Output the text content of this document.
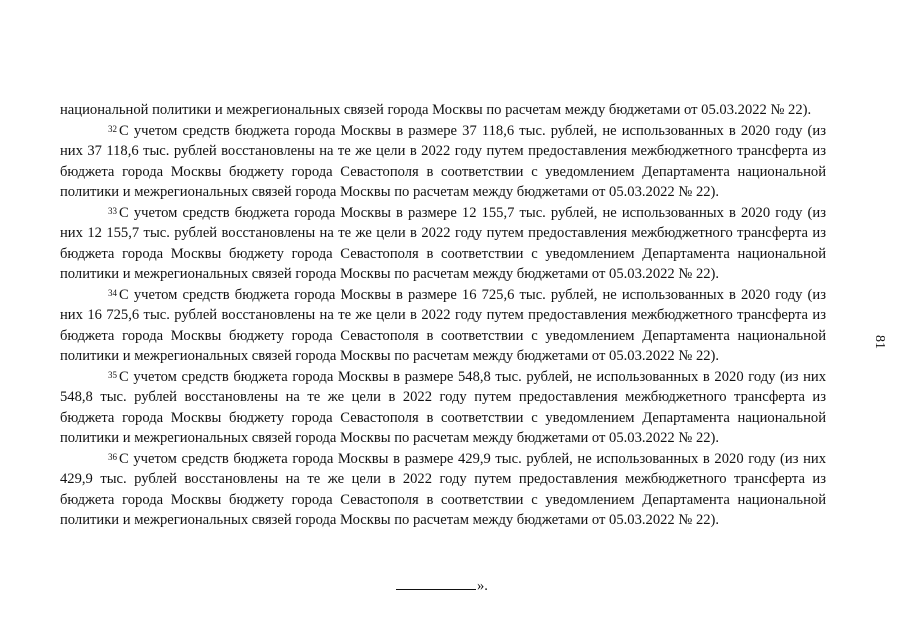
национальной политики и межрегиональных связей города Москвы по расчетам между бюджетами от 05.03.2022 № 22).

$^{32}$ С учетом средств бюджета города Москвы в размере 37 118,6 тыс. рублей, не использованных в 2020 году (из них 37 118,6 тыс. рублей восстановлены на те же цели в 2022 году путем предоставления межбюджетного трансферта из бюджета города Москвы бюджету города Севастополя в соответствии с уведомлением Департамента национальной политики и межрегиональных связей города Москвы по расчетам между бюджетами от 05.03.2022 № 22).

$^{33}$ С учетом средств бюджета города Москвы в размере 12 155,7 тыс. рублей, не использованных в 2020 году (из них 12 155,7 тыс. рублей восстановлены на те же цели в 2022 году путем предоставления межбюджетного трансферта из бюджета города Москвы бюджету города Севастополя в соответствии с уведомлением Департамента национальной политики и межрегиональных связей города Москвы по расчетам между бюджетами от 05.03.2022 № 22).

$^{34}$ С учетом средств бюджета города Москвы в размере 16 725,6 тыс. рублей, не использованных в 2020 году (из них 16 725,6 тыс. рублей восстановлены на те же цели в 2022 году путем предоставления межбюджетного трансферта из бюджета города Москвы бюджету города Севастополя в соответствии с уведомлением Департамента национальной политики и межрегиональных связей города Москвы по расчетам между бюджетами от 05.03.2022 № 22).

$^{35}$ С учетом средств бюджета города Москвы в размере 548,8 тыс. рублей, не использованных в 2020 году (из них 548,8 тыс. рублей восстановлены на те же цели в 2022 году путем предоставления межбюджетного трансферта из бюджета города Москвы бюджету города Севастополя в соответствии с уведомлением Департамента национальной политики и межрегиональных связей города Москвы по расчетам между бюджетами от 05.03.2022 № 22).

$^{36}$ С учетом средств бюджета города Москвы в размере 429,9 тыс. рублей, не использованных в 2020 году (из них 429,9 тыс. рублей восстановлены на те же цели в 2022 году путем предоставления межбюджетного трансферта из бюджета города Москвы бюджету города Севастополя в соответствии с уведомлением Департамента национальной политики и межрегиональных связей города Москвы по расчетам между бюджетами от 05.03.2022 № 22).

».
81
